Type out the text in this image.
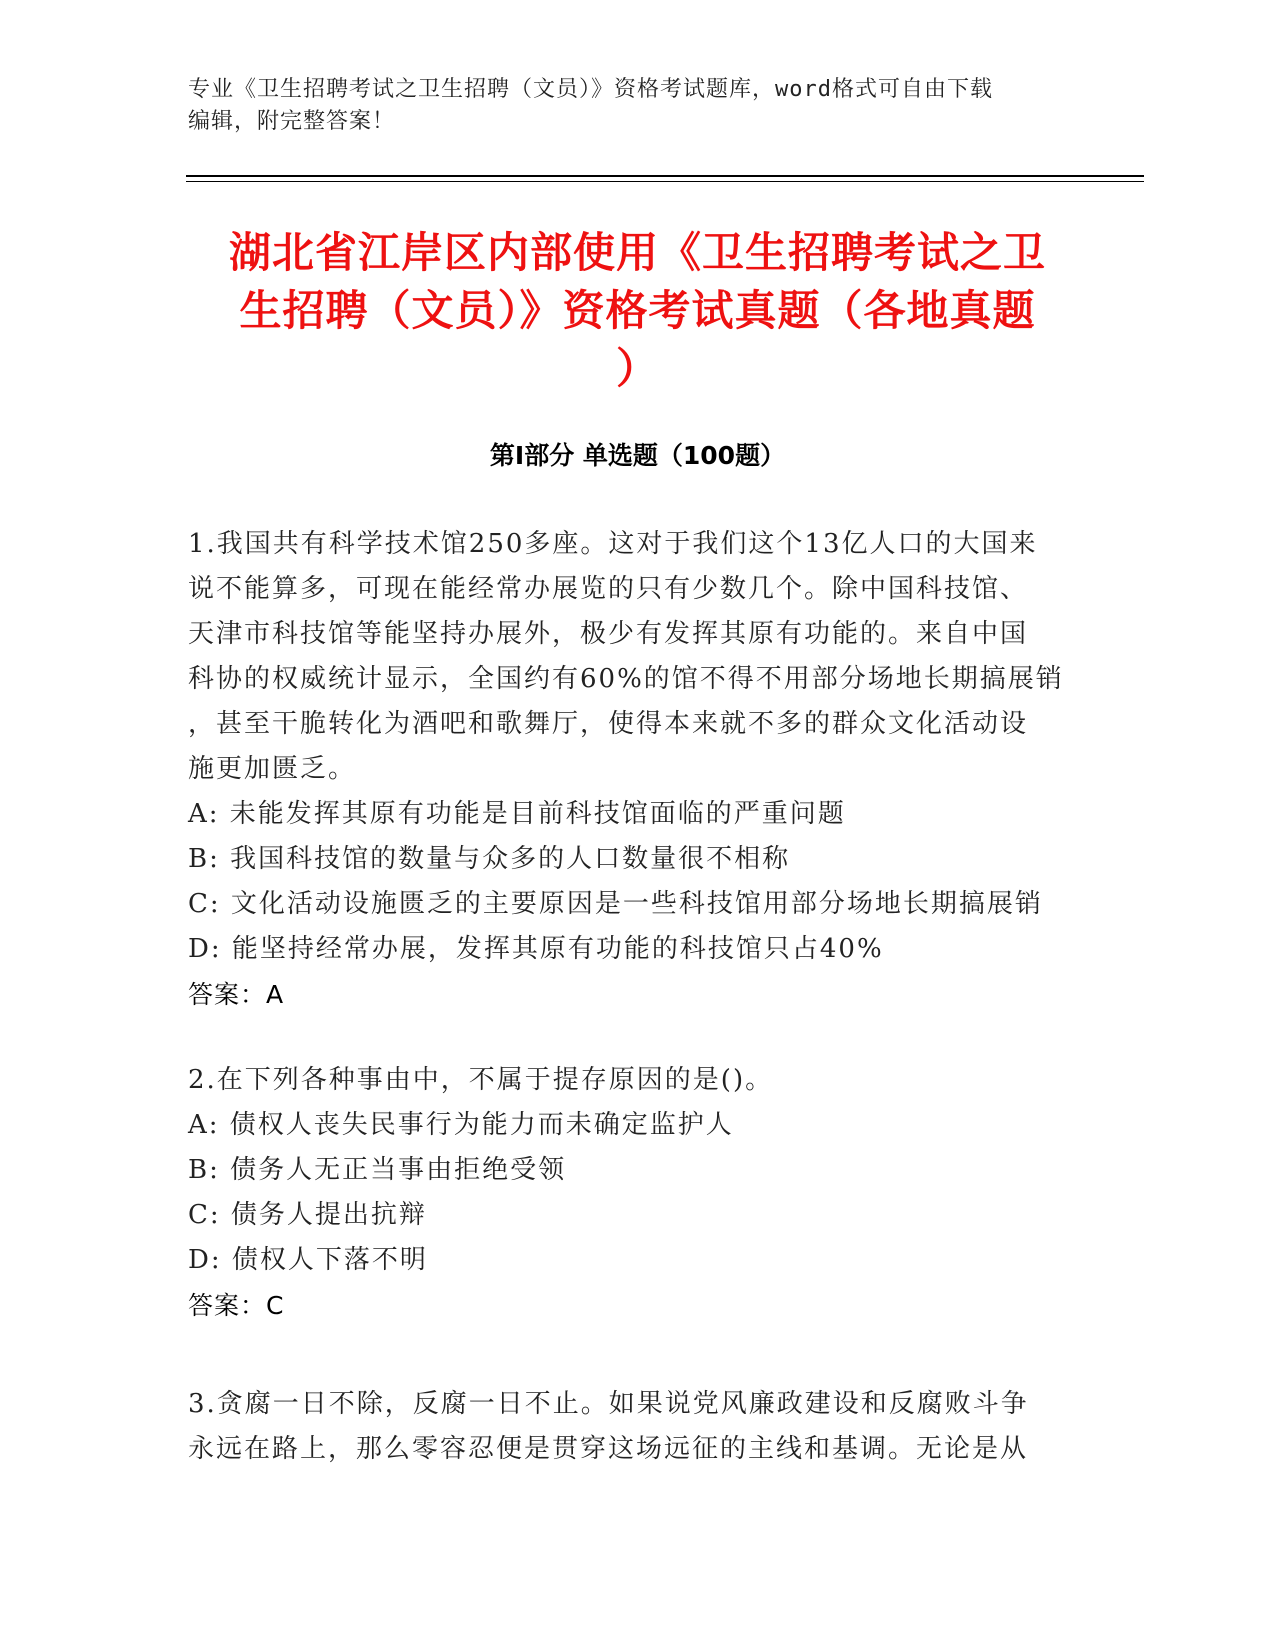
专业《卫生招聘考试之卫生招聘（文员）》资格考试题库，word格式可自由下载

编辑，附完整答案！

湖北省江岸区内部使用《卫生招聘考试之卫
生招聘（文员）》资格考试真题（各地真题
）
第Ⅰ部分 单选题（100题）
1.我国共有科学技术馆250多座。这对于我们这个13亿人口的大国来
说不能算多，可现在能经常办展览的只有少数几个。除中国科技馆、
天津市科技馆等能坚持办展外，极少有发挥其原有功能的。来自中国
科协的权威统计显示，全国约有60%的馆不得不用部分场地长期搞展销
，甚至干脆转化为酒吧和歌舞厅，使得本来就不多的群众文化活动设
施更加匮乏。
A: 未能发挥其原有功能是目前科技馆面临的严重问题
B: 我国科技馆的数量与众多的人口数量很不相称
C: 文化活动设施匮乏的主要原因是一些科技馆用部分场地长期搞展销
D: 能坚持经常办展，发挥其原有功能的科技馆只占40%
答案：A
2.在下列各种事由中，不属于提存原因的是()。
A: 债权人丧失民事行为能力而未确定监护人
B: 债务人无正当事由拒绝受领
C: 债务人提出抗辩
D: 债权人下落不明
答案：C
3.贪腐一日不除，反腐一日不止。如果说党风廉政建设和反腐败斗争
永远在路上，那么零容忍便是贯穿这场远征的主线和基调。无论是从
